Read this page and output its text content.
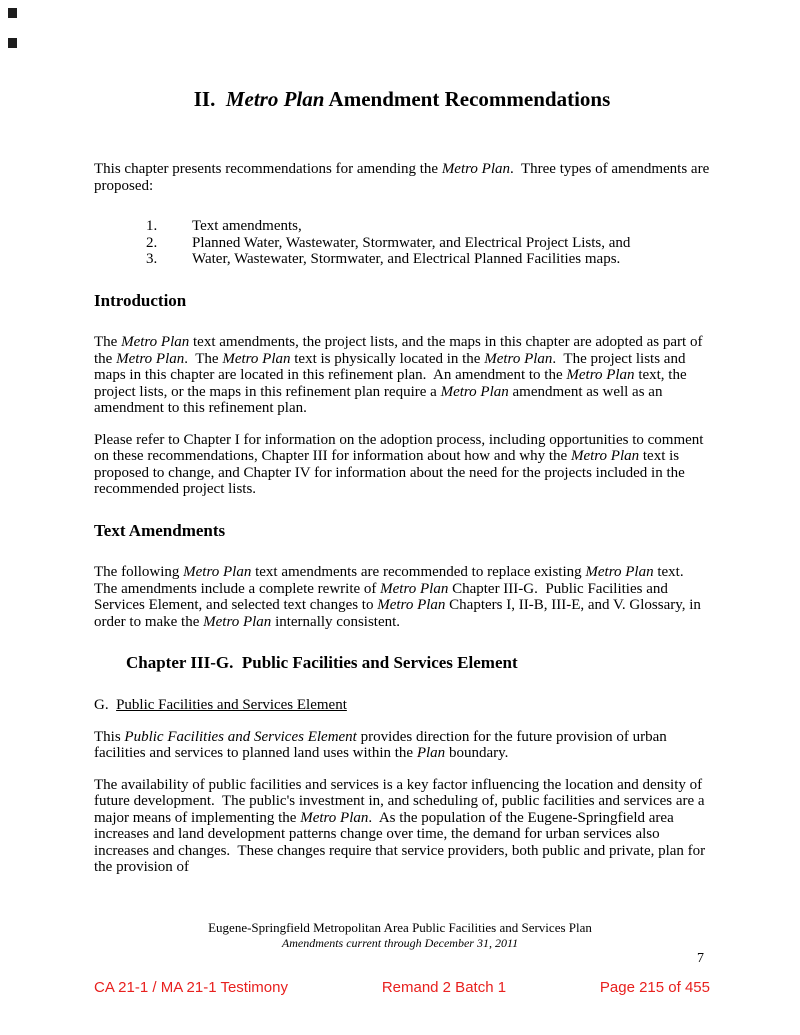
II.  Metro Plan Amendment Recommendations

This chapter presents recommendations for amending the Metro Plan.  Three types of amendments are proposed:

1.	Text amendments,
2.	Planned Water, Wastewater, Stormwater, and Electrical Project Lists, and
3.	Water, Wastewater, Stormwater, and Electrical Planned Facilities maps.
Introduction

The Metro Plan text amendments, the project lists, and the maps in this chapter are adopted as part of the Metro Plan.  The Metro Plan text is physically located in the Metro Plan.  The project lists and maps in this chapter are located in this refinement plan.  An amendment to the Metro Plan text, the project lists, or the maps in this refinement plan require a Metro Plan amendment as well as an amendment to this refinement plan.

Please refer to Chapter I for information on the adoption process, including opportunities to comment on these recommendations, Chapter III for information about how and why the Metro Plan text is proposed to change, and Chapter IV for information about the need for the projects included in the recommended project lists.

Text Amendments

The following Metro Plan text amendments are recommended to replace existing Metro Plan text.  The amendments include a complete rewrite of Metro Plan Chapter III-G.  Public Facilities and Services Element, and selected text changes to Metro Plan Chapters I, II-B, III-E, and V. Glossary, in order to make the Metro Plan internally consistent.

Chapter III-G.  Public Facilities and Services Element

G.  Public Facilities and Services Element

This Public Facilities and Services Element provides direction for the future provision of urban facilities and services to planned land uses within the Plan boundary.

The availability of public facilities and services is a key factor influencing the location and density of future development.  The public's investment in, and scheduling of, public facilities and services are a major means of implementing the Metro Plan.  As the population of the Eugene-Springfield area increases and land development patterns change over time, the demand for urban services also increases and changes.  These changes require that service providers, both public and private, plan for the provision of

Eugene-Springfield Metropolitan Area Public Facilities and Services Plan
Amendments current through December 31, 2011
7
CA 21-1 / MA 21-1 Testimony	Remand 2 Batch 1	Page 215 of 455
